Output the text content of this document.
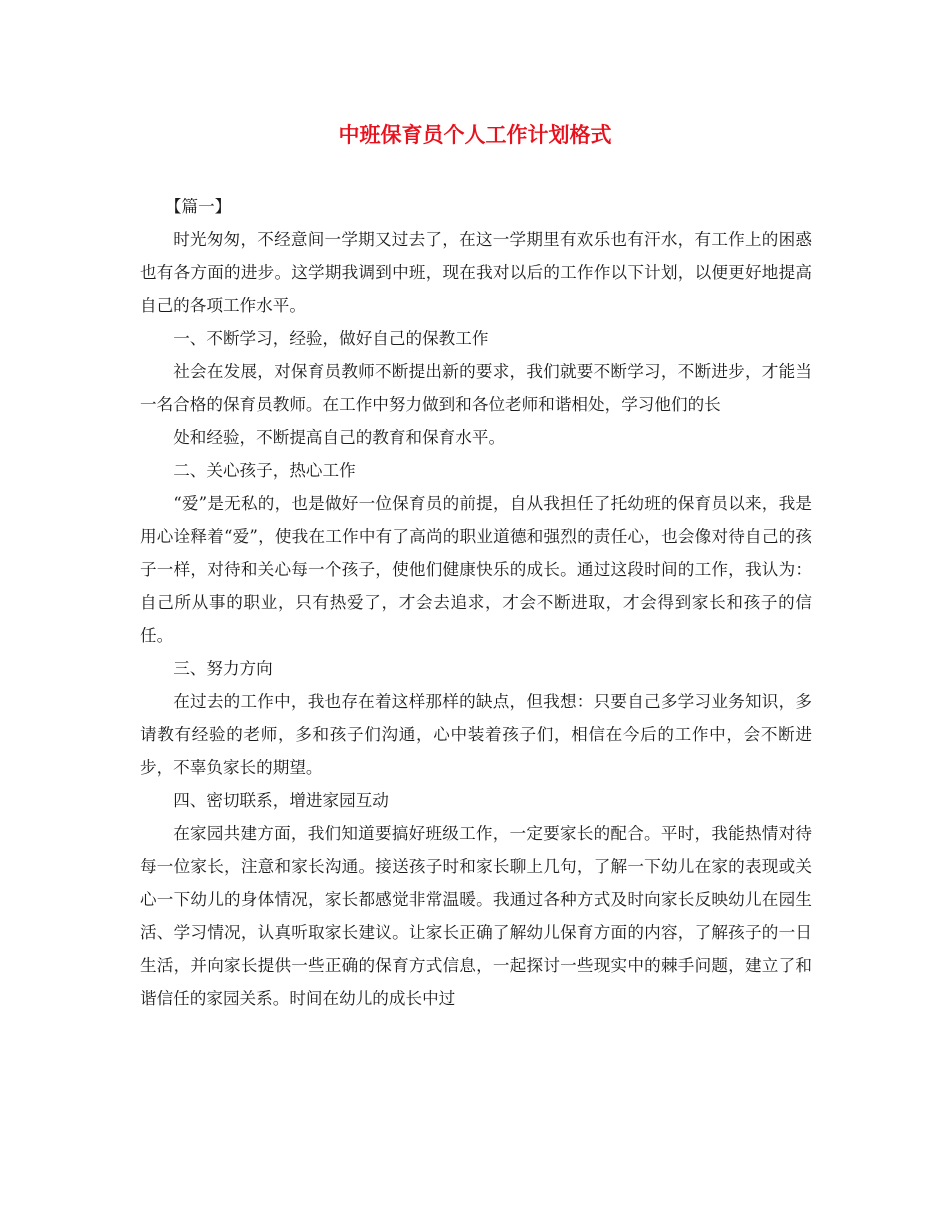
中班保育员个人工作计划格式

【篇一】

时光匆匆，不经意间一学期又过去了，在这一学期里有欢乐也有汗水，有工作上的困惑也有各方面的进步。这学期我调到中班，现在我对以后的工作作以下计划，以便更好地提高自己的各项工作水平。

一、不断学习，经验，做好自己的保教工作

社会在发展，对保育员教师不断提出新的要求，我们就要不断学习，不断进步，才能当一名合格的保育员教师。在工作中努力做到和各位老师和谐相处，学习他们的长

处和经验，不断提高自己的教育和保育水平。

二、关心孩子，热心工作

“爱”是无私的，也是做好一位保育员的前提，自从我担任了托幼班的保育员以来，我是用心诠释着“爱”，使我在工作中有了高尚的职业道德和强烈的责任心，也会像对待自己的孩子一样，对待和关心每一个孩子，使他们健康快乐的成长。通过这段时间的工作，我认为：自己所从事的职业，只有热爱了，才会去追求，才会不断进取，才会得到家长和孩子的信任。

三、努力方向

在过去的工作中，我也存在着这样那样的缺点，但我想：只要自己多学习业务知识，多请教有经验的老师，多和孩子们沟通，心中装着孩子们，相信在今后的工作中，会不断进步，不辜负家长的期望。

四、密切联系，增进家园互动

在家园共建方面，我们知道要搞好班级工作，一定要家长的配合。平时，我能热情对待每一位家长，注意和家长沟通。接送孩子时和家长聊上几句，了解一下幼儿在家的表现或关心一下幼儿的身体情况，家长都感觉非常温暖。我通过各种方式及时向家长反映幼儿在园生活、学习情况，认真听取家长建议。让家长正确了解幼儿保育方面的内容，了解孩子的一日生活，并向家长提供一些正确的保育方式信息，一起探讨一些现实中的棘手问题，建立了和谐信任的家园关系。时间在幼儿的成长中过
